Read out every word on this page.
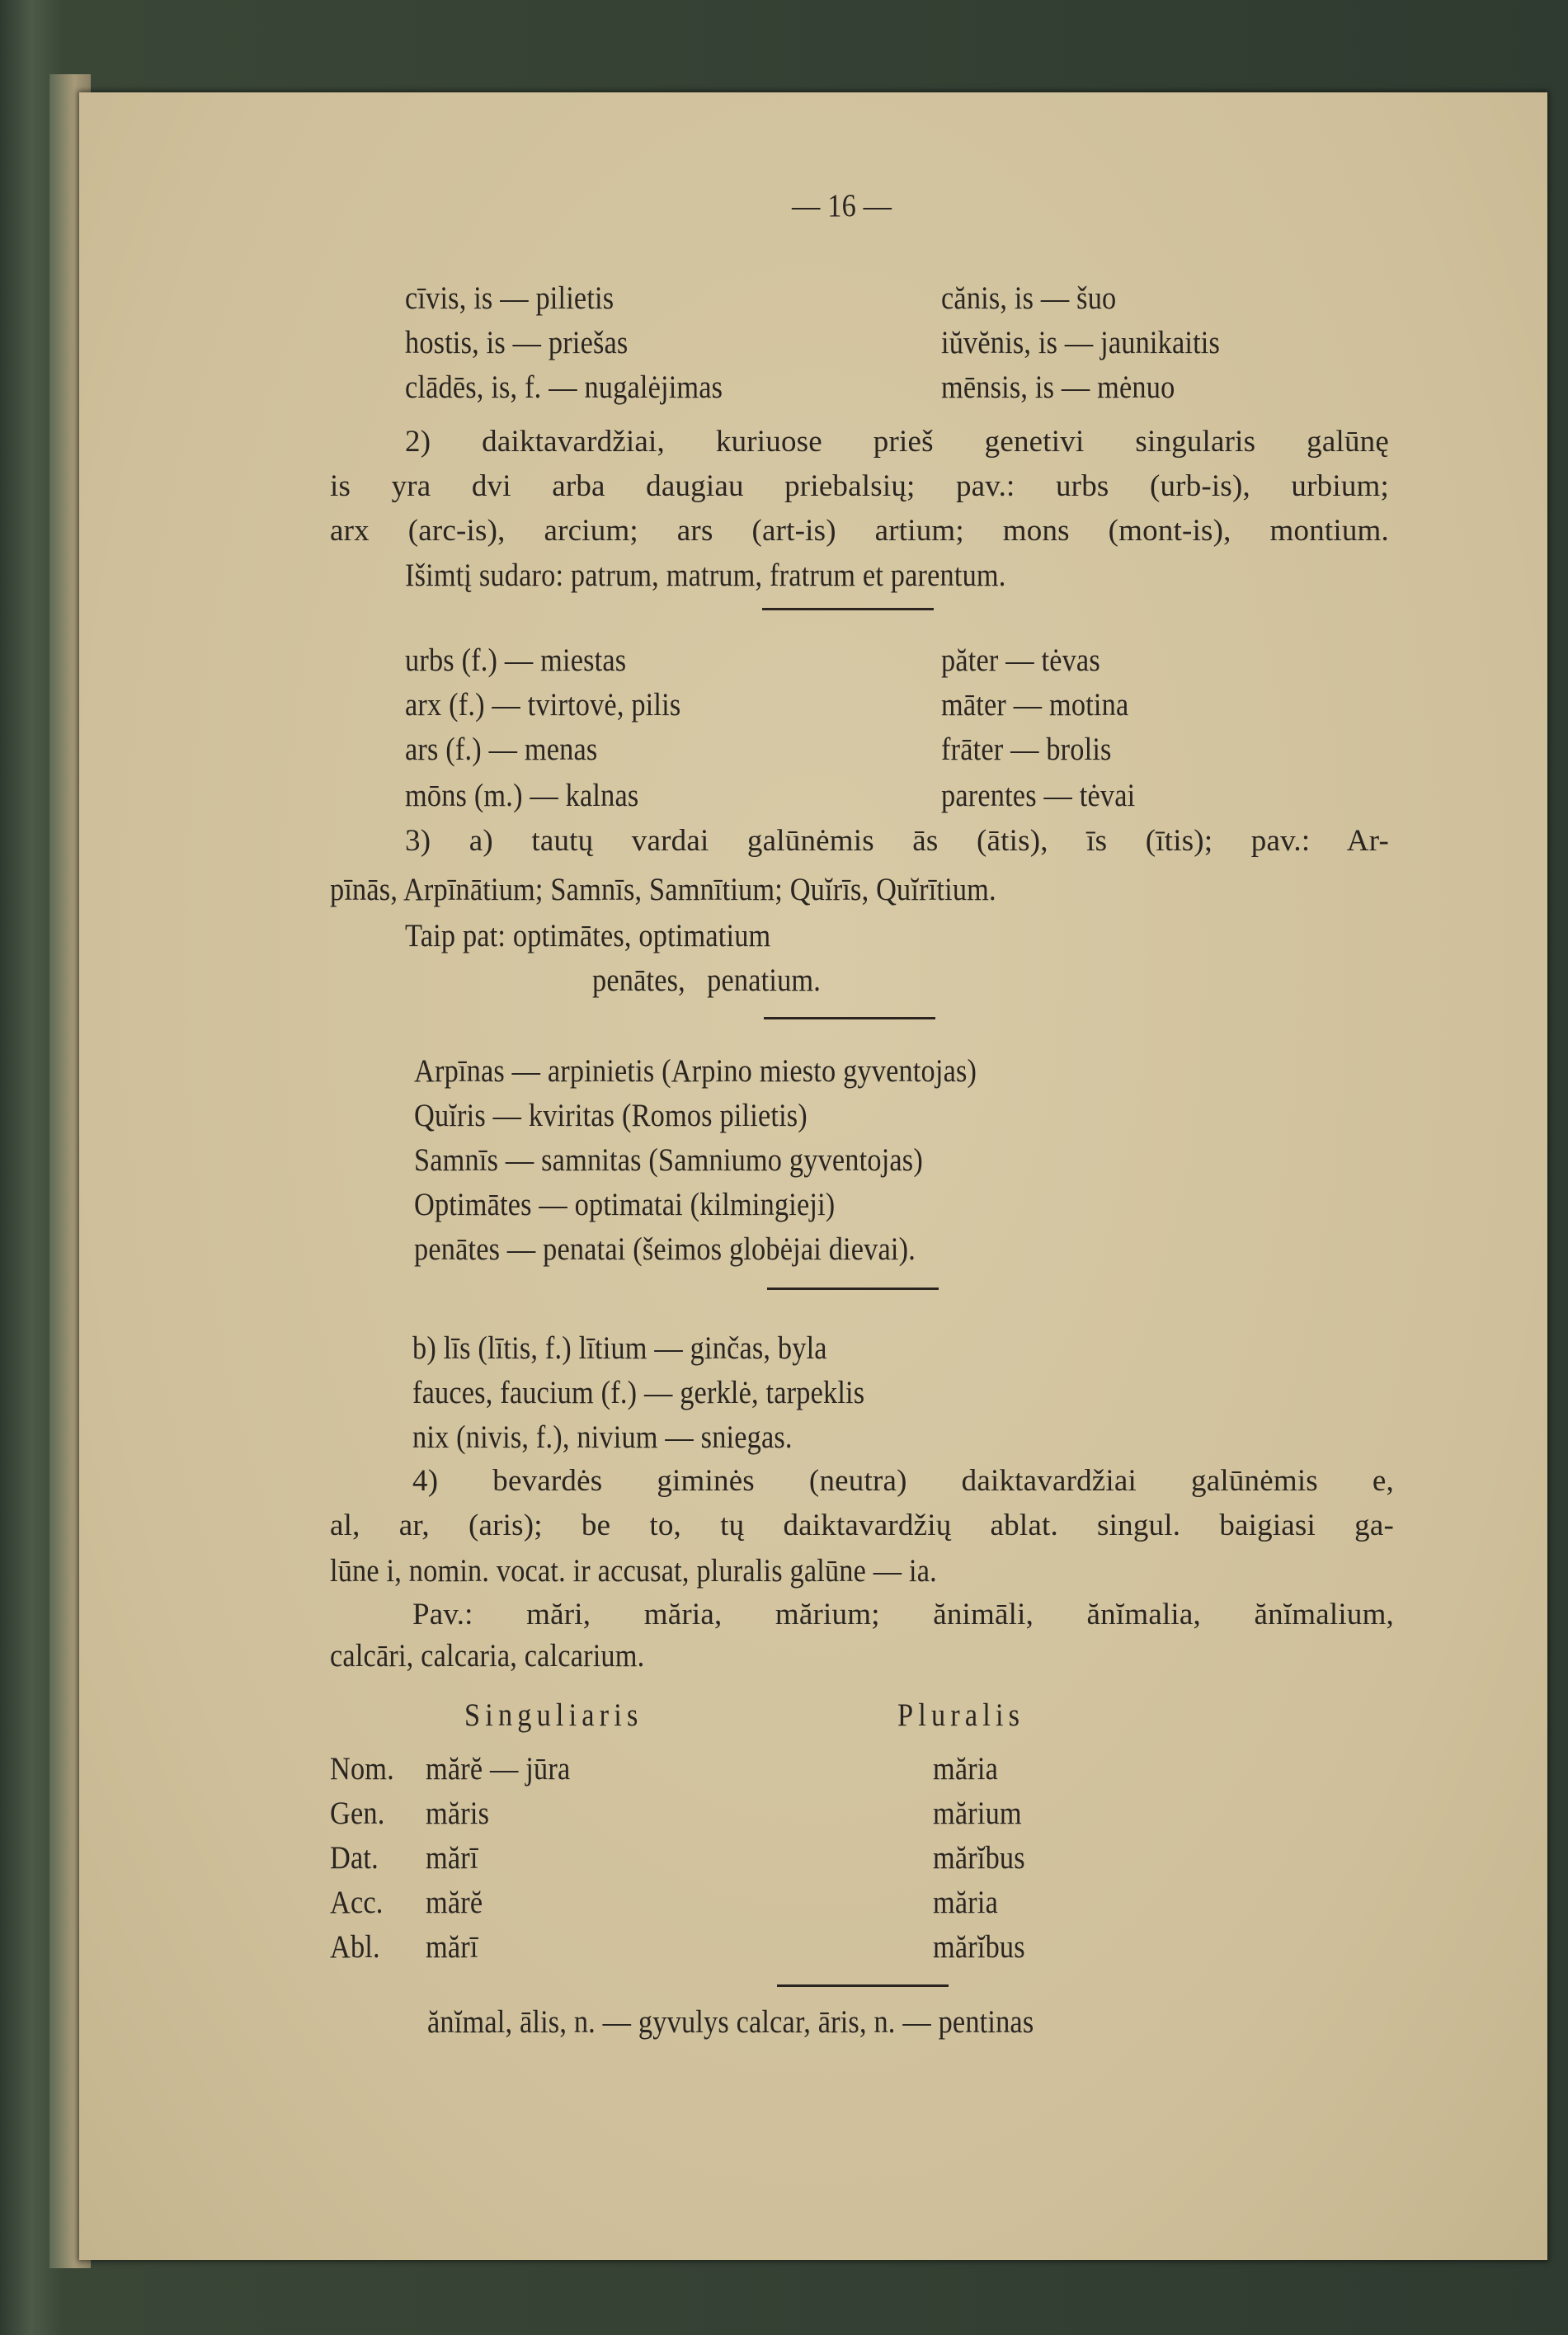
— 16 —
cīvis, is — pilietis	cănis, is — šuo
hostis, is — priešas	iŭvĕnis, is — jaunikaitis
clādēs, is, f. — nugalėjimas	mēnsis, is — mėnuo
2) daiktavardžiai, kuriuose prieš genetivi singularis galūnę
is yra dvi arba daugiau priebalsių; pav.: urbs (urb-is), urbium;
arx (arc-is), arcium; ars (art-is) artium; mons (mont-is), montium.
Išimtį sudaro: patrum, matrum, fratrum et parentum.
urbs (f.) — miestas	păter — tėvas
arx (f.) — tvirtovė, pilis	māter — motina
ars (f.) — menas	frāter — brolis
mōns (m.) — kalnas	parentes — tėvai
3) a) tautų vardai galūnėmis ās (ātis), īs (ītis); pav.: Ar-
pīnās, Arpīnātium; Samnīs, Samnītium; Quĭrīs, Quĭrītium.
Taip pat: optimātes, optimatium
penātes,   penatium.
Arpīnas — arpinietis (Arpino miesto gyventojas)
Quĭris — kviritas (Romos pilietis)
Samnīs — samnitas (Samniumo gyventojas)
Optimātes — optimatai (kilmingieji)
penātes — penatai (šeimos globėjai dievai).
b) līs (lītis, f.) lītium — ginčas, byla
fauces, faucium (f.) — gerklė, tarpeklis
nix (nivis, f.), nivium — sniegas.
4) bevardės giminės (neutra) daiktavardžiai galūnėmis e,
al, ar, (aris); be to, tų daiktavardžių ablat. singul. baigiasi ga-
lūne i, nomin. vocat. ir accusat, pluralis galūne — ia.
Pav.: mări, măria, mărium; ănimāli, ănĭmalia, ănĭmalium,
calcāri, calcaria, calcarium.
Singuliaris	Pluralis
Nom. mărĕ — jūra	măria
Gen. măris	mărium
Dat. mărī	mărĭbus
Acc. mărĕ	măria
Abl. mărī	mărĭbus
ănĭmal, ālis, n. — gyvulys calcar, āris, n. — pentinas
